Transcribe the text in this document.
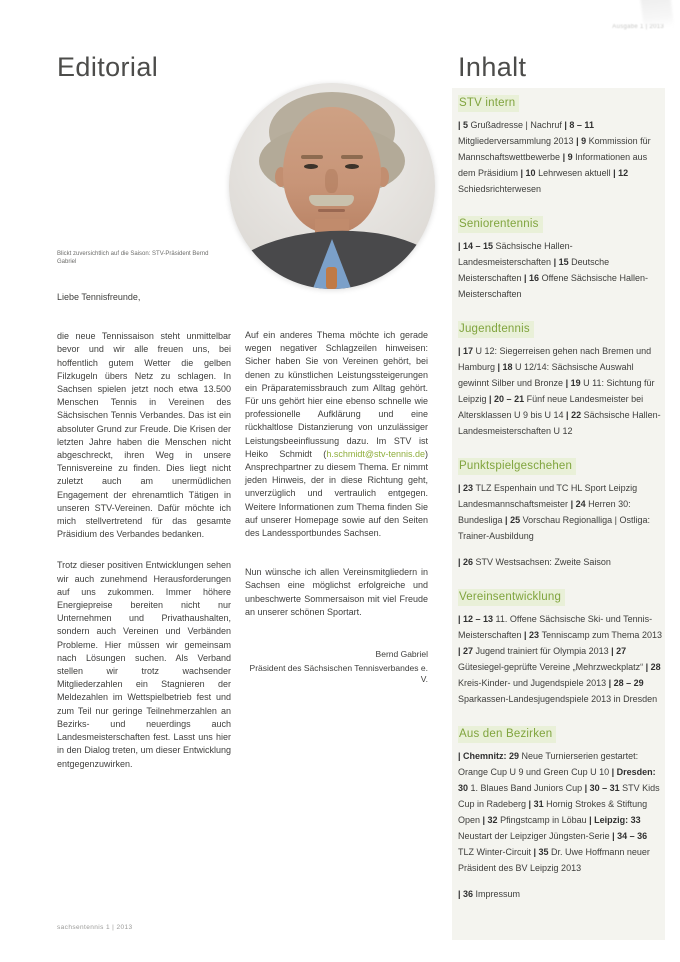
Ausgabe 1 | 2013
Editorial	Inhalt
Blickt zuversichtlich auf die Saison: STV-Präsident Bernd Gabriel

Liebe Tennisfreunde,

die neue Tennissaison steht unmittelbar bevor und wir alle freuen uns, bei hoffentlich gutem Wetter die gelben Filzkugeln übers Netz zu schlagen. In Sachsen spielen jetzt noch etwa 13.500 Menschen Tennis in Vereinen des Sächsischen Tennis Verbandes. Das ist ein absoluter Grund zur Freude. Die Krisen der letzten Jahre haben die Menschen nicht abgeschreckt, ihren Weg in unsere Tennisvereine zu finden. Dies liegt nicht zuletzt auch am unermüdlichen Engagement der ehrenamtlich Tätigen in unseren STV-Vereinen. Dafür möchte ich mich stellvertretend für das gesamte Präsidium des Verbandes bedanken.

Trotz dieser positiven Entwicklungen sehen wir auch zunehmend Herausforderungen auf uns zukommen. Immer höhere Energiepreise bereiten nicht nur Unternehmen und Privathaushalten, sondern auch Vereinen und Verbänden Probleme. Hier müssen wir gemeinsam nach Lösungen suchen. Als Verband stellen wir trotz wachsender Mitgliederzahlen ein Stagnieren der Meldezahlen im Wettspielbetrieb fest und zum Teil nur geringe Teilnehmerzahlen an Bezirks- und neuerdings auch Landesmeisterschaften fest. Lasst uns hier in den Dialog treten, um dieser Entwicklung entgegenzuwirken.

Auf ein anderes Thema möchte ich gerade wegen negativer Schlagzeilen hinweisen: Sicher haben Sie von Vereinen gehört, bei denen zu künstlichen Leistungssteigerungen ein Präparatemissbrauch zum Alltag gehört. Für uns gehört hier eine ebenso schnelle wie professionelle Aufklärung und eine rückhaltlose Distanzierung von unzulässiger Leistungsbeeinflussung dazu. Im STV ist Heiko Schmidt (h.schmidt@stv-tennis.de) Ansprechpartner zu diesem Thema. Er nimmt jeden Hinweis, der in diese Richtung geht, unverzüglich und vertraulich entgegen. Weitere Informationen zum Thema finden Sie auf unserer Homepage sowie auf den Seiten des Landessportbundes Sachsen.

Nun wünsche ich allen Vereinsmitgliedern in Sachsen eine möglichst erfolgreiche und unbeschwerte Sommersaison mit viel Freude an unserer schönen Sportart.

Bernd Gabriel

Präsident des Sächsischen Tennisverbandes e. V.

STV intern

| 5 Grußadresse | Nachruf | 8 – 11 Mitgliederversammlung 2013 | 9 Kommission für Mannschaftswettbewerbe | 9 Informationen aus dem Präsidium | 10 Lehrwesen aktuell | 12 Schiedsrichterwesen

Seniorentennis

| 14 – 15 Sächsische Hallen-Landesmeisterschaften | 15 Deutsche Meisterschaften | 16 Offene Sächsische Hallen-Meisterschaften

Jugendtennis

| 17 U 12: Siegerreisen gehen nach Bremen und Hamburg | 18 U 12/14: Sächsische Auswahl gewinnt Silber und Bronze | 19 U 11: Sichtung für Leipzig | 20 – 21 Fünf neue Landesmeister bei Altersklassen U 9 bis U 14 | 22 Sächsische Hallen-Landesmeisterschaften U 12

Punktspielgeschehen

| 23 TLZ Espenhain und TC HL Sport Leipzig Landesmannschaftsmeister | 24 Herren 30: Bundesliga | 25 Vorschau Regionalliga | Ostliga: Trainer-Ausbildung

| 26 STV Westsachsen: Zweite Saison

Vereinsentwicklung

| 12 – 13 11. Offene Sächsische Ski- und Tennis-Meisterschaften | 23 Tenniscamp zum Thema 2013 | 27 Jugend trainiert für Olympia 2013 | 27 Gütesiegel-geprüfte Vereine „Mehrzweckplatz“ | 28 Kreis-Kinder- und Jugendspiele 2013 | 28 – 29 Sparkassen-Landesjugendspiele 2013 in Dresden

Aus den Bezirken

| Chemnitz: 29 Neue Turnierserien gestartet: Orange Cup U 9 und Green Cup U 10 | Dresden: 30 1. Blaues Band Juniors Cup | 30 – 31 STV Kids Cup in Radeberg | 31 Hornig Strokes & Stiftung Open | 32 Pfingstcamp in Löbau | Leipzig: 33 Neustart der Leipziger Jüngsten-Serie | 34 – 36 TLZ Winter-Circuit | 35 Dr. Uwe Hoffmann neuer Präsident des BV Leipzig 2013

| 36 Impressum

sachsentennis 1 | 2013
